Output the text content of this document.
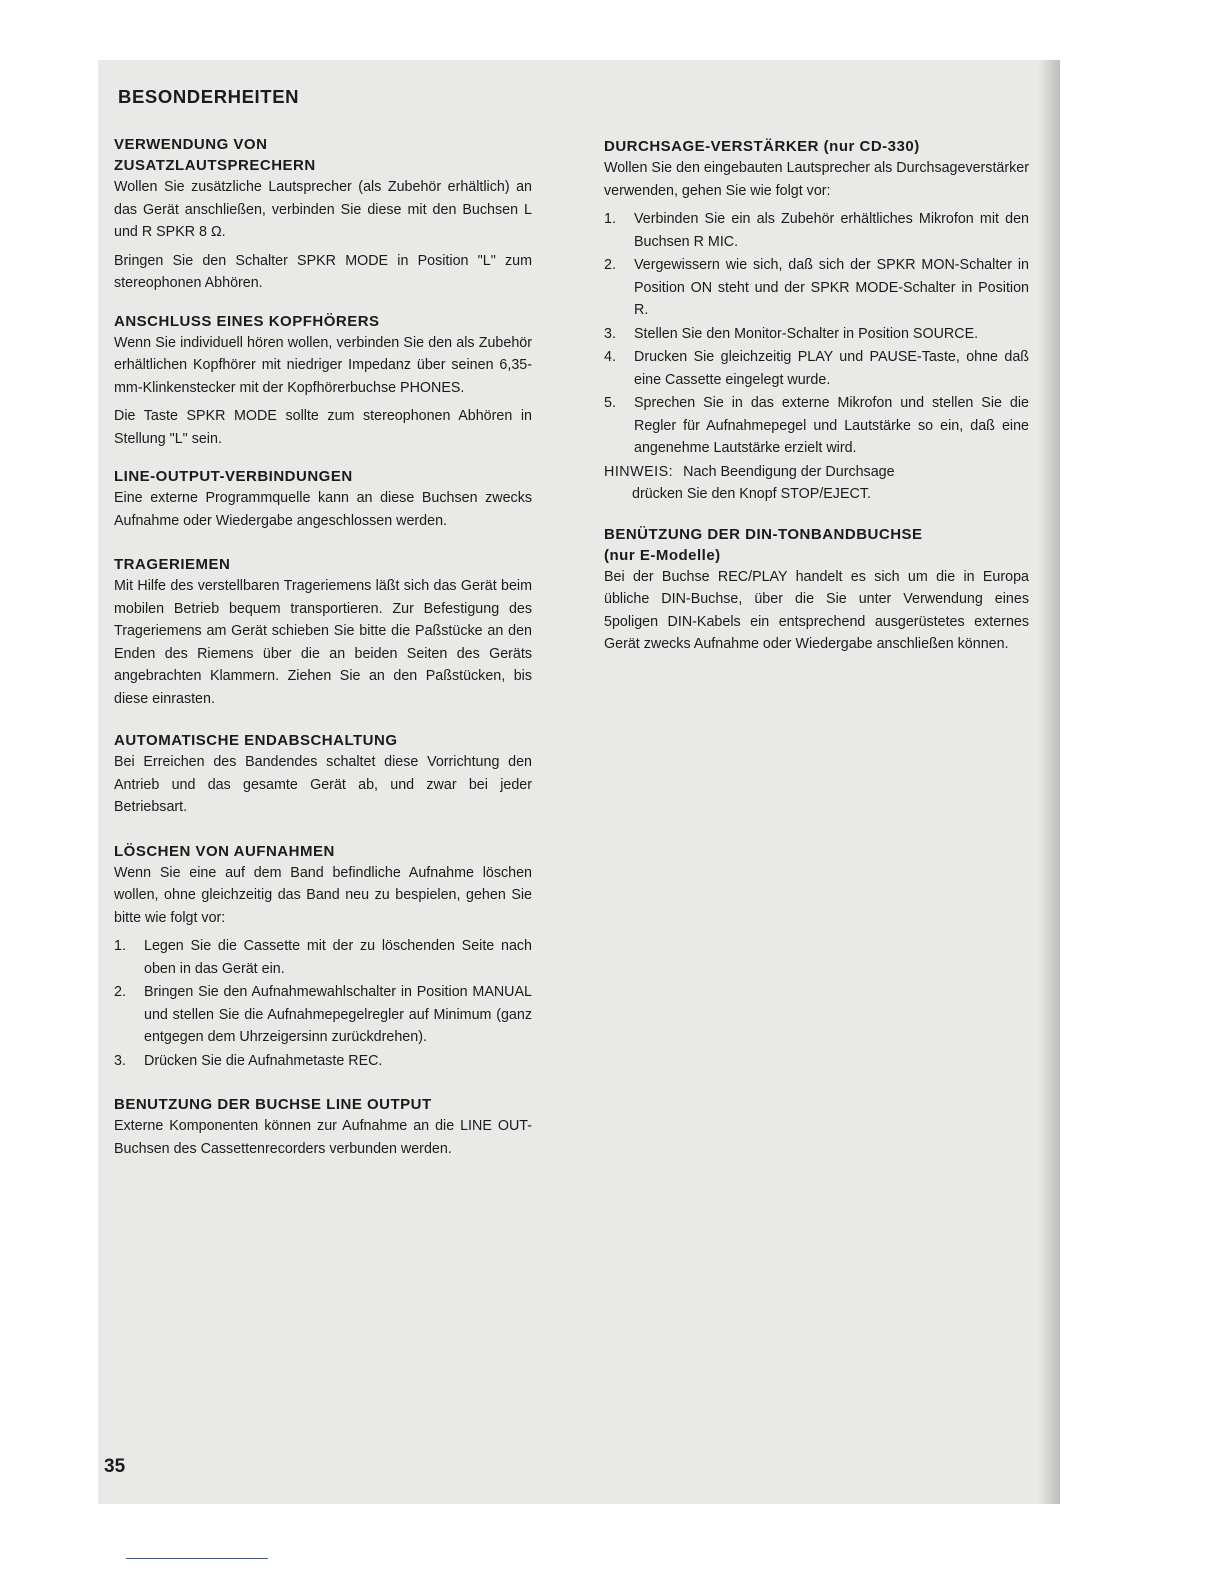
BESONDERHEITEN
VERWENDUNG VON
ZUSATZLAUTSPRECHERN

Wollen Sie zusätzliche Lautsprecher (als Zubehör erhältlich) an das Gerät anschließen, verbinden Sie diese mit den Buchsen L und R SPKR 8 Ω.

Bringen Sie den Schalter SPKR MODE in Position "L" zum stereophonen Abhören.

ANSCHLUSS EINES KOPFHÖRERS

Wenn Sie individuell hören wollen, verbinden Sie den als Zubehör erhältlichen Kopfhörer mit niedriger Impedanz über seinen 6,35-mm-Klinkenstecker mit der Kopfhörerbuchse PHONES.

Die Taste SPKR MODE sollte zum stereophonen Abhören in Stellung "L" sein.

LINE-OUTPUT-VERBINDUNGEN

Eine externe Programmquelle kann an diese Buchsen zwecks Aufnahme oder Wiedergabe angeschlossen werden.

TRAGERIEMEN

Mit Hilfe des verstellbaren Trageriemens läßt sich das Gerät beim mobilen Betrieb bequem transportieren. Zur Befestigung des Trageriemens am Gerät schieben Sie bitte die Paßstücke an den Enden des Riemens über die an beiden Seiten des Geräts angebrachten Klammern. Ziehen Sie an den Paßstücken, bis diese einrasten.

AUTOMATISCHE ENDABSCHALTUNG

Bei Erreichen des Bandendes schaltet diese Vorrichtung den Antrieb und das gesamte Gerät ab, und zwar bei jeder Betriebsart.

LÖSCHEN VON AUFNAHMEN

Wenn Sie eine auf dem Band befindliche Aufnahme löschen wollen, ohne gleichzeitig das Band neu zu bespielen, gehen Sie bitte wie folgt vor:

1.	Legen Sie die Cassette mit der zu löschenden Seite nach oben in das Gerät ein.
2.	Bringen Sie den Aufnahmewahlschalter in Position MANUAL und stellen Sie die Aufnahmepegelregler auf Minimum (ganz entgegen dem Uhrzeigersinn zurückdrehen).
3.	Drücken Sie die Aufnahmetaste REC.
BENUTZUNG DER BUCHSE LINE OUTPUT

Externe Komponenten können zur Aufnahme an die LINE OUT-Buchsen des Cassettenrecorders verbunden werden.

DURCHSAGE-VERSTÄRKER (nur CD-330)

Wollen Sie den eingebauten Lautsprecher als Durchsageverstärker verwenden, gehen Sie wie folgt vor:

1.	Verbinden Sie ein als Zubehör erhältliches Mikrofon mit den Buchsen R MIC.
2.	Vergewissern wie sich, daß sich der SPKR MON-Schalter in Position ON steht und der SPKR MODE-Schalter in Position R.
3.	Stellen Sie den Monitor-Schalter in Position SOURCE.
4.	Drucken Sie gleichzeitig PLAY und PAUSE-Taste, ohne daß eine Cassette eingelegt wurde.
5.	Sprechen Sie in das externe Mikrofon und stellen Sie die Regler für Aufnahmepegel und Lautstärke so ein, daß eine angenehme Lautstärke erzielt wird.
HINWEIS: Nach Beendigung der Durchsage
drücken Sie den Knopf STOP/EJECT.
BENÜTZUNG DER DIN-TONBANDBUCHSE
(nur E-Modelle)

Bei der Buchse REC/PLAY handelt es sich um die in Europa übliche DIN-Buchse, über die Sie unter Verwendung eines 5poligen DIN-Kabels ein entsprechend ausgerüstetes externes Gerät zwecks Aufnahme oder Wiedergabe anschließen können.

35
